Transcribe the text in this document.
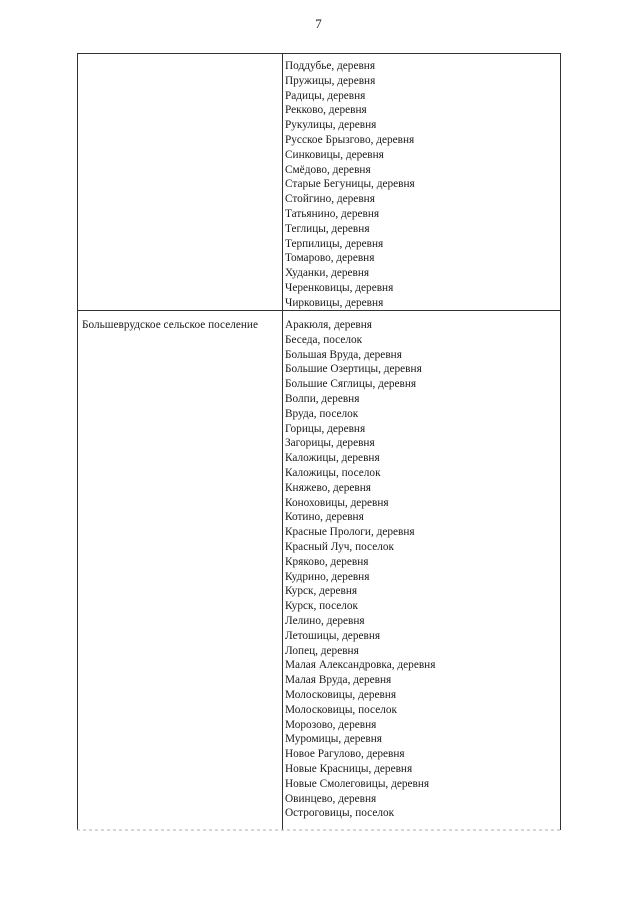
7
Поддубье, деревня
Пружицы, деревня
Радицы, деревня
Рекково, деревня
Рукулицы, деревня
Русское Брызгово, деревня
Синковицы, деревня
Смёдово, деревня
Старые Бегуницы, деревня
Стойгино, деревня
Татьянино, деревня
Теглицы, деревня
Терпилицы, деревня
Томарово, деревня
Худанки, деревня
Черенковицы, деревня
Чирковицы, деревня
Большеврудское сельское поселение	Аракюля, деревня
Беседа, поселок
Большая Вруда, деревня
Большие Озертицы, деревня
Большие Сяглицы, деревня
Волпи, деревня
Вруда, поселок
Горицы, деревня
Загорицы, деревня
Каложицы, деревня
Каложицы, поселок
Княжево, деревня
Коноховицы, деревня
Котино, деревня
Красные Прологи, деревня
Красный Луч, поселок
Кряково, деревня
Кудрино, деревня
Курск, деревня
Курск, поселок
Лелино, деревня
Летошицы, деревня
Лопец, деревня
Малая Александровка, деревня
Малая Вруда, деревня
Молосковицы, деревня
Молосковицы, поселок
Морозово, деревня
Муромицы, деревня
Новое Рагулово, деревня
Новые Красницы, деревня
Новые Смолеговицы, деревня
Овинцево, деревня
Остроговицы, поселок
